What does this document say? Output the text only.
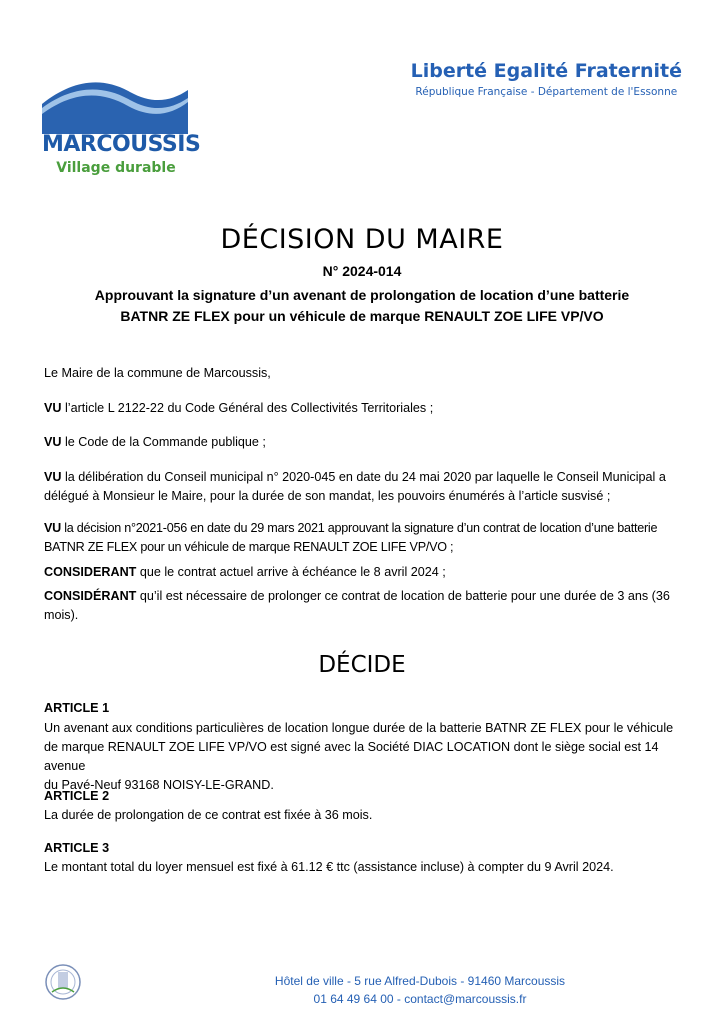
MARCOUSSIS
Village durable
Liberté Egalité Fraternité
République Française - Département de l'Essonne
DÉCISION DU MAIRE
N° 2024-014
Approuvant la signature d’un avenant de prolongation de location d’une batterie
BATNR ZE FLEX pour un véhicule de marque RENAULT ZOE LIFE VP/VO
Le Maire de la commune de Marcoussis,
VU l’article L 2122-22 du Code Général des Collectivités Territoriales ;
VU le Code de la Commande publique ;
VU la délibération du Conseil municipal n° 2020-045 en date du 24 mai 2020 par laquelle le Conseil Municipal a
délégué à Monsieur le Maire, pour la durée de son mandat, les pouvoirs énumérés à l’article susvisé ;
VU la décision n°2021-056 en date du 29 mars 2021 approuvant la signature d’un contrat de location d’une batterie
BATNR ZE FLEX pour un véhicule de marque RENAULT ZOE LIFE VP/VO ;
CONSIDERANT que le contrat actuel arrive à échéance le 8 avril 2024 ;
CONSIDÉRANT qu’il est nécessaire de prolonger ce contrat de location de batterie pour une durée de 3 ans (36
mois).
DÉCIDE
ARTICLE 1
Un avenant aux conditions particulières de location longue durée de la batterie BATNR ZE FLEX pour le véhicule
de marque RENAULT ZOE LIFE VP/VO est signé avec la Société DIAC LOCATION dont le siège social est 14 avenue
du Pavé-Neuf 93168 NOISY-LE-GRAND.
ARTICLE 2
La durée de prolongation de ce contrat est fixée à 36 mois.
ARTICLE 3
Le montant total du loyer mensuel est fixé à 61.12 € ttc (assistance incluse) à compter du 9 Avril 2024.
Hôtel de ville - 5 rue Alfred-Dubois - 91460 Marcoussis
01 64 49 64 00 - contact@marcoussis.fr
